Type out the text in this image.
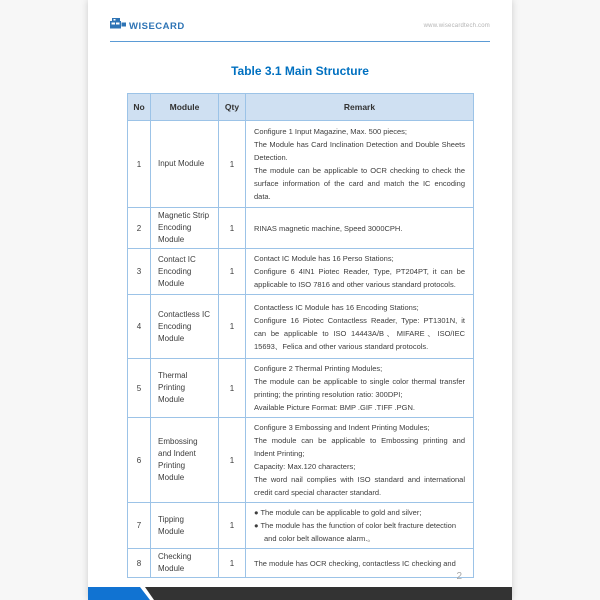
WISECARD	www.wisecardtech.com
Table 3.1 Main Structure
No	Module	Qty	Remark
1	Input Module	1	Configure 1 Input Magazine, Max. 500 pieces;

The Module has Card Inclination Detection and Double Sheets Detection.

The module can be applicable to OCR checking to check the surface information of the card and match the IC encoding data.

2	Magnetic Strip Encoding Module	1	RINAS magnetic machine, Speed 3000CPH.

3	Contact IC Encoding Module	1	Contact IC Module has 16 Perso Stations;

Configure 6 4IN1 Piotec Reader, Type, PT204PT, it can be applicable to ISO 7816 and other various standard protocols.

4	Contactless IC Encoding Module	1	Contactless IC Module has 16 Encoding Stations;

Configure 16 Piotec Contactless Reader, Type: PT1301N, it can be applicable to ISO 14443A/B、MIFARE、ISO/IEC 15693、Felica and other various standard protocols.

5	Thermal Printing Module	1	Configure 2 Thermal Printing Modules;

The module can be applicable to single color thermal transfer printing; the printing resolution ratio: 300DPI;

Available Picture Format: BMP .GIF .TIFF .PGN.

6	Embossing and Indent Printing Module	1	Configure 3 Embossing and Indent Printing Modules;

The module can be applicable to Embossing printing and Indent Printing;

Capacity: Max.120 characters;

The word nail complies with ISO standard and international credit card special character standard.

7	Tipping Module	1	● The module can be applicable to gold and silver;

● The module has the function of color belt fracture detection and color belt allowance alarm.。

8	Checking Module	1	The module has OCR checking, contactless IC checking and

2
